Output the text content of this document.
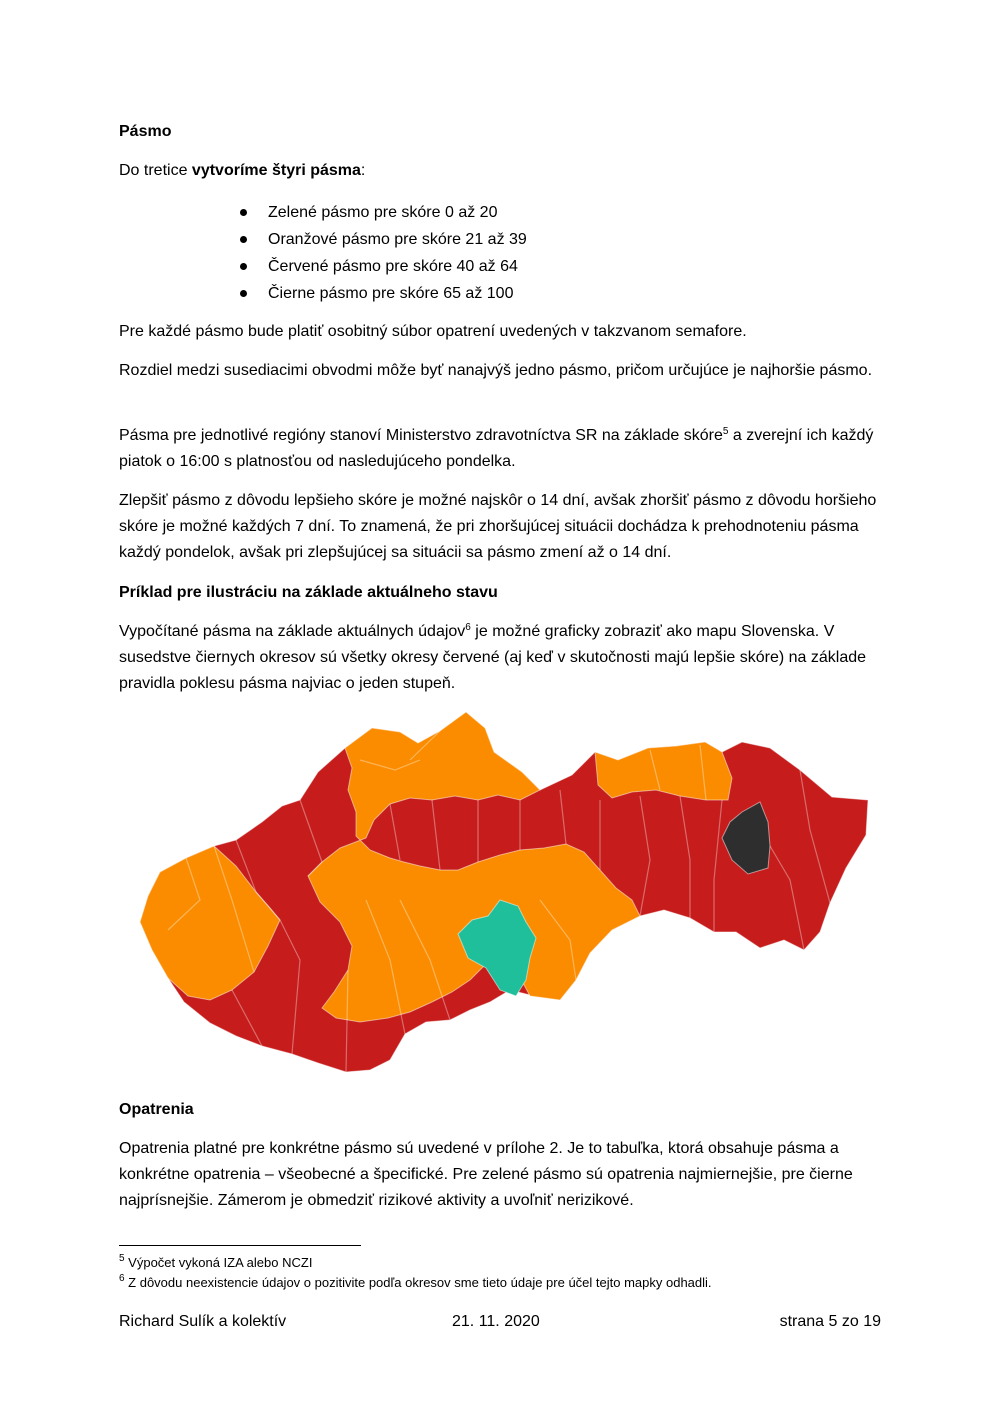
Pásmo
Do tretice vytvoríme štyri pásma:
Zelené pásmo pre skóre 0 až 20
Oranžové pásmo pre skóre 21 až 39
Červené pásmo pre skóre 40 až 64
Čierne pásmo pre skóre 65 až 100

Pre každé pásmo bude platiť osobitný súbor opatrení uvedených v takzvanom semafore.

Rozdiel medzi susediacimi obvodmi môže byť nanajvýš jedno pásmo, pričom určujúce je najhoršie pásmo.

Pásma pre jednotlivé regióny stanoví Ministerstvo zdravotníctva SR na základe skóre$^5$ a zverejní ich každý piatok o 16:00 s platnosťou od nasledujúceho pondelka.

Zlepšiť pásmo z dôvodu lepšieho skóre je možné najskôr o 14 dní, avšak zhoršiť pásmo z dôvodu horšieho skóre je možné každých 7 dní. To znamená, že pri zhoršujúcej situácii dochádza k prehodnoteniu pásma každý pondelok, avšak pri zlepšujúcej sa situácii sa pásmo zmení až o 14 dní.

Príklad pre ilustráciu na základe aktuálneho stavu

Vypočítané pásma na základe aktuálnych údajov$^6$ je možné graficky zobraziť ako mapu Slovenska. V susedstve čiernych okresov sú všetky okresy červené (aj keď v skutočnosti majú lepšie skóre) na základe pravidla poklesu pásma najviac o jeden stupeň.

Opatrenia

Opatrenia platné pre konkrétne pásmo sú uvedené v prílohe 2. Je to tabuľka, ktorá obsahuje pásma a konkrétne opatrenia – všeobecné a špecifické. Pre zelené pásmo sú opatrenia najmiernejšie, pre čierne najprísnejšie. Zámerom je obmedziť rizikové aktivity a uvoľniť nerizikové.

$^5$ Výpočet vykoná IZA alebo NCZI
$^6$ Z dôvodu neexistencie údajov o pozitivite podľa okresov sme tieto údaje pre účel tejto mapky odhadli.
Richard Sulík a kolektív	21. 11. 2020	strana 5 zo 19
